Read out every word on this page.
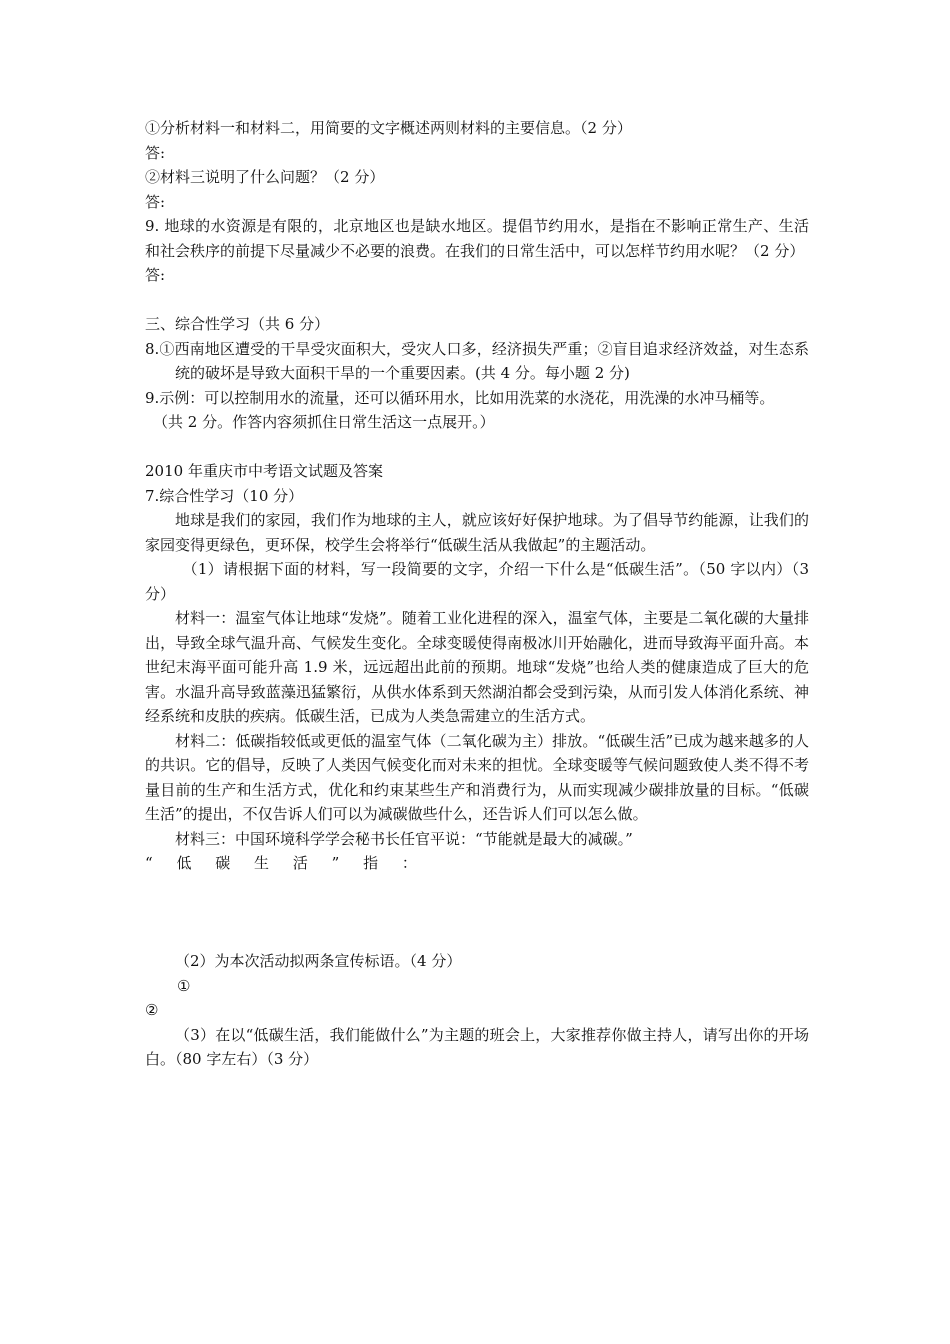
①分析材料一和材料二，用简要的文字概述两则材料的主要信息。（2 分）

答:

②材料三说明了什么问题？（2 分）

答:

9. 地球的水资源是有限的，北京地区也是缺水地区。提倡节约用水，是指在不影响正常生产、生活和社会秩序的前提下尽量减少不必要的浪费。在我们的日常生活中，可以怎样节约用水呢？（2 分）

答:

三、综合性学习（共 6 分）

8.①西南地区遭受的干旱受灾面积大，受灾人口多，经济损失严重；②盲目追求经济效益，对生态系统的破坏是导致大面积干旱的一个重要因素。(共 4 分。每小题 2 分)

9.示例：可以控制用水的流量，还可以循环用水，比如用洗菜的水浇花，用洗澡的水冲马桶等。

（共 2 分。作答内容须抓住日常生活这一点展开。）

2010 年重庆市中考语文试题及答案

7.综合性学习（10 分）

地球是我们的家园，我们作为地球的主人，就应该好好保护地球。为了倡导节约能源，让我们的家园变得更绿色，更环保，校学生会将举行“低碳生活从我做起”的主题活动。

（1）请根据下面的材料，写一段简要的文字，介绍一下什么是“低碳生活”。（50 字以内）（3 分）

材料一：温室气体让地球“发烧”。随着工业化进程的深入，温室气体，主要是二氧化碳的大量排出，导致全球气温升高、气候发生变化。全球变暖使得南极冰川开始融化，进而导致海平面升高。本世纪末海平面可能升高 1.9 米，远远超出此前的预期。地球“发烧”也给人类的健康造成了巨大的危害。水温升高导致蓝藻迅猛繁衍，从供水体系到天然湖泊都会受到污染，从而引发人体消化系统、神经系统和皮肤的疾病。低碳生活，已成为人类急需建立的生活方式。

材料二：低碳指较低或更低的温室气体（二氧化碳为主）排放。“低碳生活”已成为越来越多的人的共识。它的倡导，反映了人类因气候变化而对未来的担忧。全球变暖等气候问题致使人类不得不考量目前的生产和生活方式，优化和约束某些生产和消费行为，从而实现减少碳排放量的目标。“低碳生活”的提出，不仅告诉人们可以为减碳做些什么，还告诉人们可以怎么做。

材料三：中国环境科学学会秘书长任官平说：“节能就是最大的减碳。”

“ 低 碳 生 活 ” 指 ：

（2）为本次活动拟两条宣传标语。（4 分）

①

②

（3）在以“低碳生活，我们能做什么”为主题的班会上，大家推荐你做主持人，请写出你的开场白。（80 字左右）（3 分）
